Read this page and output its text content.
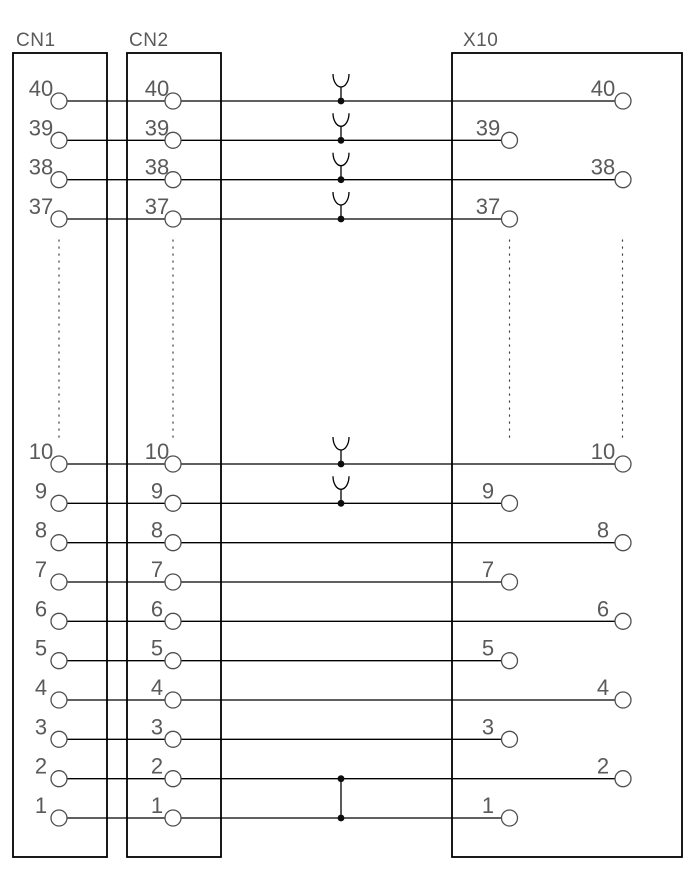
40	40	40
39	39	39
38	38	38
37	37	37
10	10	10
9	9	9
8	8	8
7	7	7
6	6	6
5	5	5
4	4	4
3	3	3
2	2	2
1	1	1
CN1	CN2	X10
